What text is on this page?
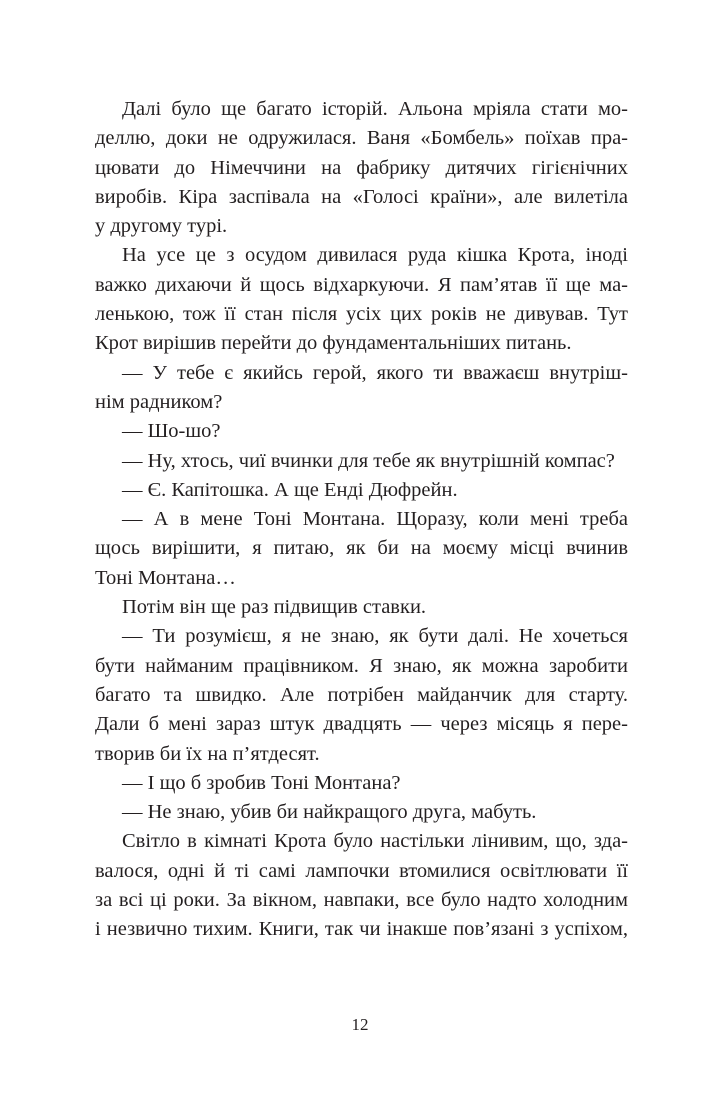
Далі було ще багато історій. Альона мріяла стати мо-
деллю, доки не одружилася. Ваня «Бомбель» поїхав пра-
цювати до Німеччини на фабрику дитячих гігієнічних
виробів. Кіра заспівала на «Голосі країни», але вилетіла
у другому турі.
На усе це з осудом дивилася руда кішка Крота, іноді
важко дихаючи й щось відхаркуючи. Я пам’ятав її ще ма-
ленькою, тож її стан після усіх цих років не дивував. Тут
Крот вирішив перейти до фундаментальніших питань.
— У тебе є якийсь герой, якого ти вважаєш внутріш-
нім радником?
— Шо-шо?
— Ну, хтось, чиї вчинки для тебе як внутрішній компас?
— Є. Капітошка. А ще Енді Дюфрейн.
— А в мене Тоні Монтана. Щоразу, коли мені треба
щось вирішити, я питаю, як би на моєму місці вчинив
Тоні Монтана…
Потім він ще раз підвищив ставки.
— Ти розумієш, я не знаю, як бути далі. Не хочеться
бути найманим працівником. Я знаю, як можна заробити
багато та швидко. Але потрібен майданчик для старту.
Дали б мені зараз штук двадцять — через місяць я пере-
творив би їх на п’ятдесят.
— І що б зробив Тоні Монтана?
— Не знаю, убив би найкращого друга, мабуть.
Світло в кімнаті Крота було настільки лінивим, що, зда-
валося, одні й ті самі лампочки втомилися освітлювати її
за всі ці роки. За вікном, навпаки, все було надто холодним
і незвично тихим. Книги, так чи інакше пов’язані з успіхом,
12
